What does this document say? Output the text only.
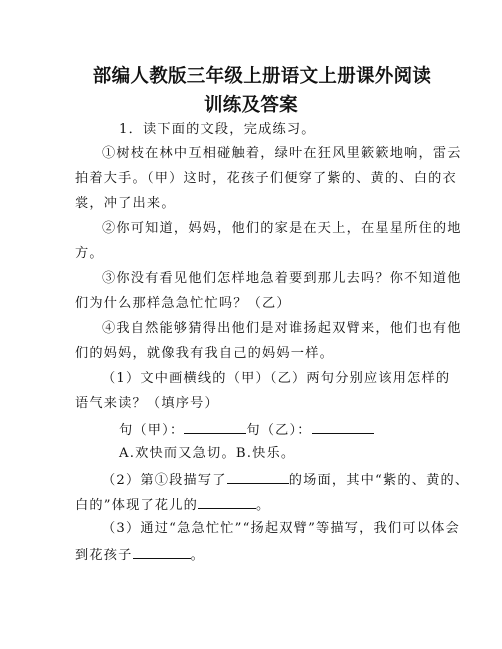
部编人教版三年级上册语文上册课外阅读
训练及答案
1．读下面的文段，完成练习。
①树枝在林中互相碰触着，绿叶在狂风里簌簌地响，雷云
拍着大手。（甲）这时，花孩子们便穿了紫的、黄的、白的衣
裳，冲了出来。
②你可知道，妈妈，他们的家是在天上，在星星所住的地
方。
③你没有看见他们怎样地急着要到那儿去吗？你不知道他
们为什么那样急急忙忙吗？（乙）
④我自然能够猜得出他们是对谁扬起双臂来，他们也有他
们的妈妈，就像我有我自己的妈妈一样。
（1）文中画横线的（甲）（乙）两句分别应该用怎样的
语气来读？（填序号）
句（甲）：	句（乙）：
A.欢快而又急切。B.快乐。
（2）第①段描写了	的场面，其中“紫的、黄的、
白的”体现了花儿的	。
（3）通过“急急忙忙”“扬起双臂”等描写，我们可以体会
到花孩子	。
